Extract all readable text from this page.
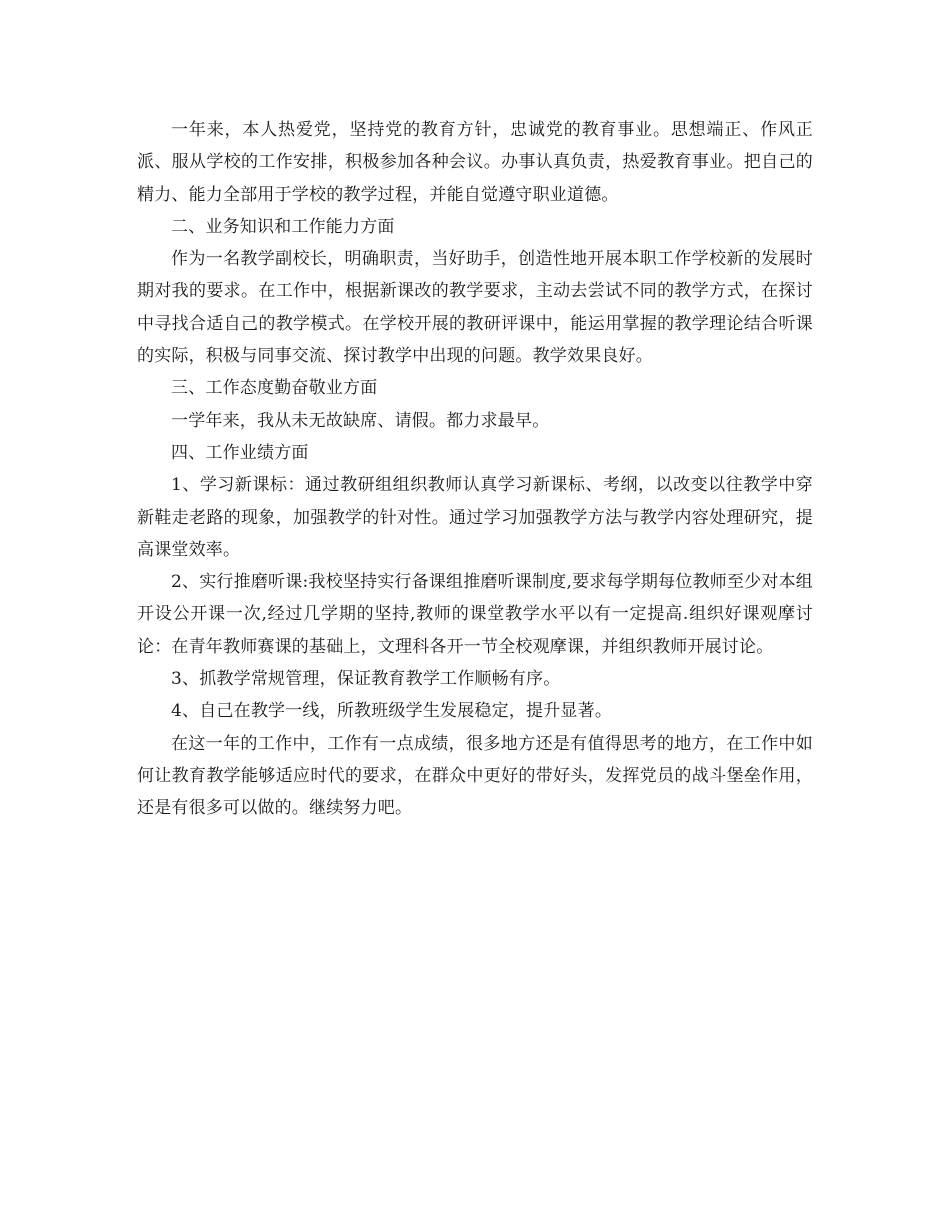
一年来，本人热爱党，坚持党的教育方针，忠诚党的教育事业。思想端正、作风正派、服从学校的工作安排，积极参加各种会议。办事认真负责，热爱教育事业。把自己的精力、能力全部用于学校的教学过程，并能自觉遵守职业道德。

二、业务知识和工作能力方面

作为一名教学副校长，明确职责，当好助手，创造性地开展本职工作学校新的发展时期对我的要求。在工作中，根据新课改的教学要求，主动去尝试不同的教学方式，在探讨中寻找合适自己的教学模式。在学校开展的教研评课中，能运用掌握的教学理论结合听课的实际，积极与同事交流、探讨教学中出现的问题。教学效果良好。

三、工作态度勤奋敬业方面

一学年来，我从未无故缺席、请假。都力求最早。

四、工作业绩方面

1、学习新课标：通过教研组组织教师认真学习新课标、考纲，以改变以往教学中穿新鞋走老路的现象，加强教学的针对性。通过学习加强教学方法与教学内容处理研究，提高课堂效率。

2、实行推磨听课:我校坚持实行备课组推磨听课制度,要求每学期每位教师至少对本组开设公开课一次,经过几学期的坚持,教师的课堂教学水平以有一定提高.组织好课观摩讨论：在青年教师赛课的基础上，文理科各开一节全校观摩课，并组织教师开展讨论。

3、抓教学常规管理，保证教育教学工作顺畅有序。

4、自己在教学一线，所教班级学生发展稳定，提升显著。

在这一年的工作中，工作有一点成绩，很多地方还是有值得思考的地方，在工作中如何让教育教学能够适应时代的要求，在群众中更好的带好头，发挥党员的战斗堡垒作用，还是有很多可以做的。继续努力吧。
